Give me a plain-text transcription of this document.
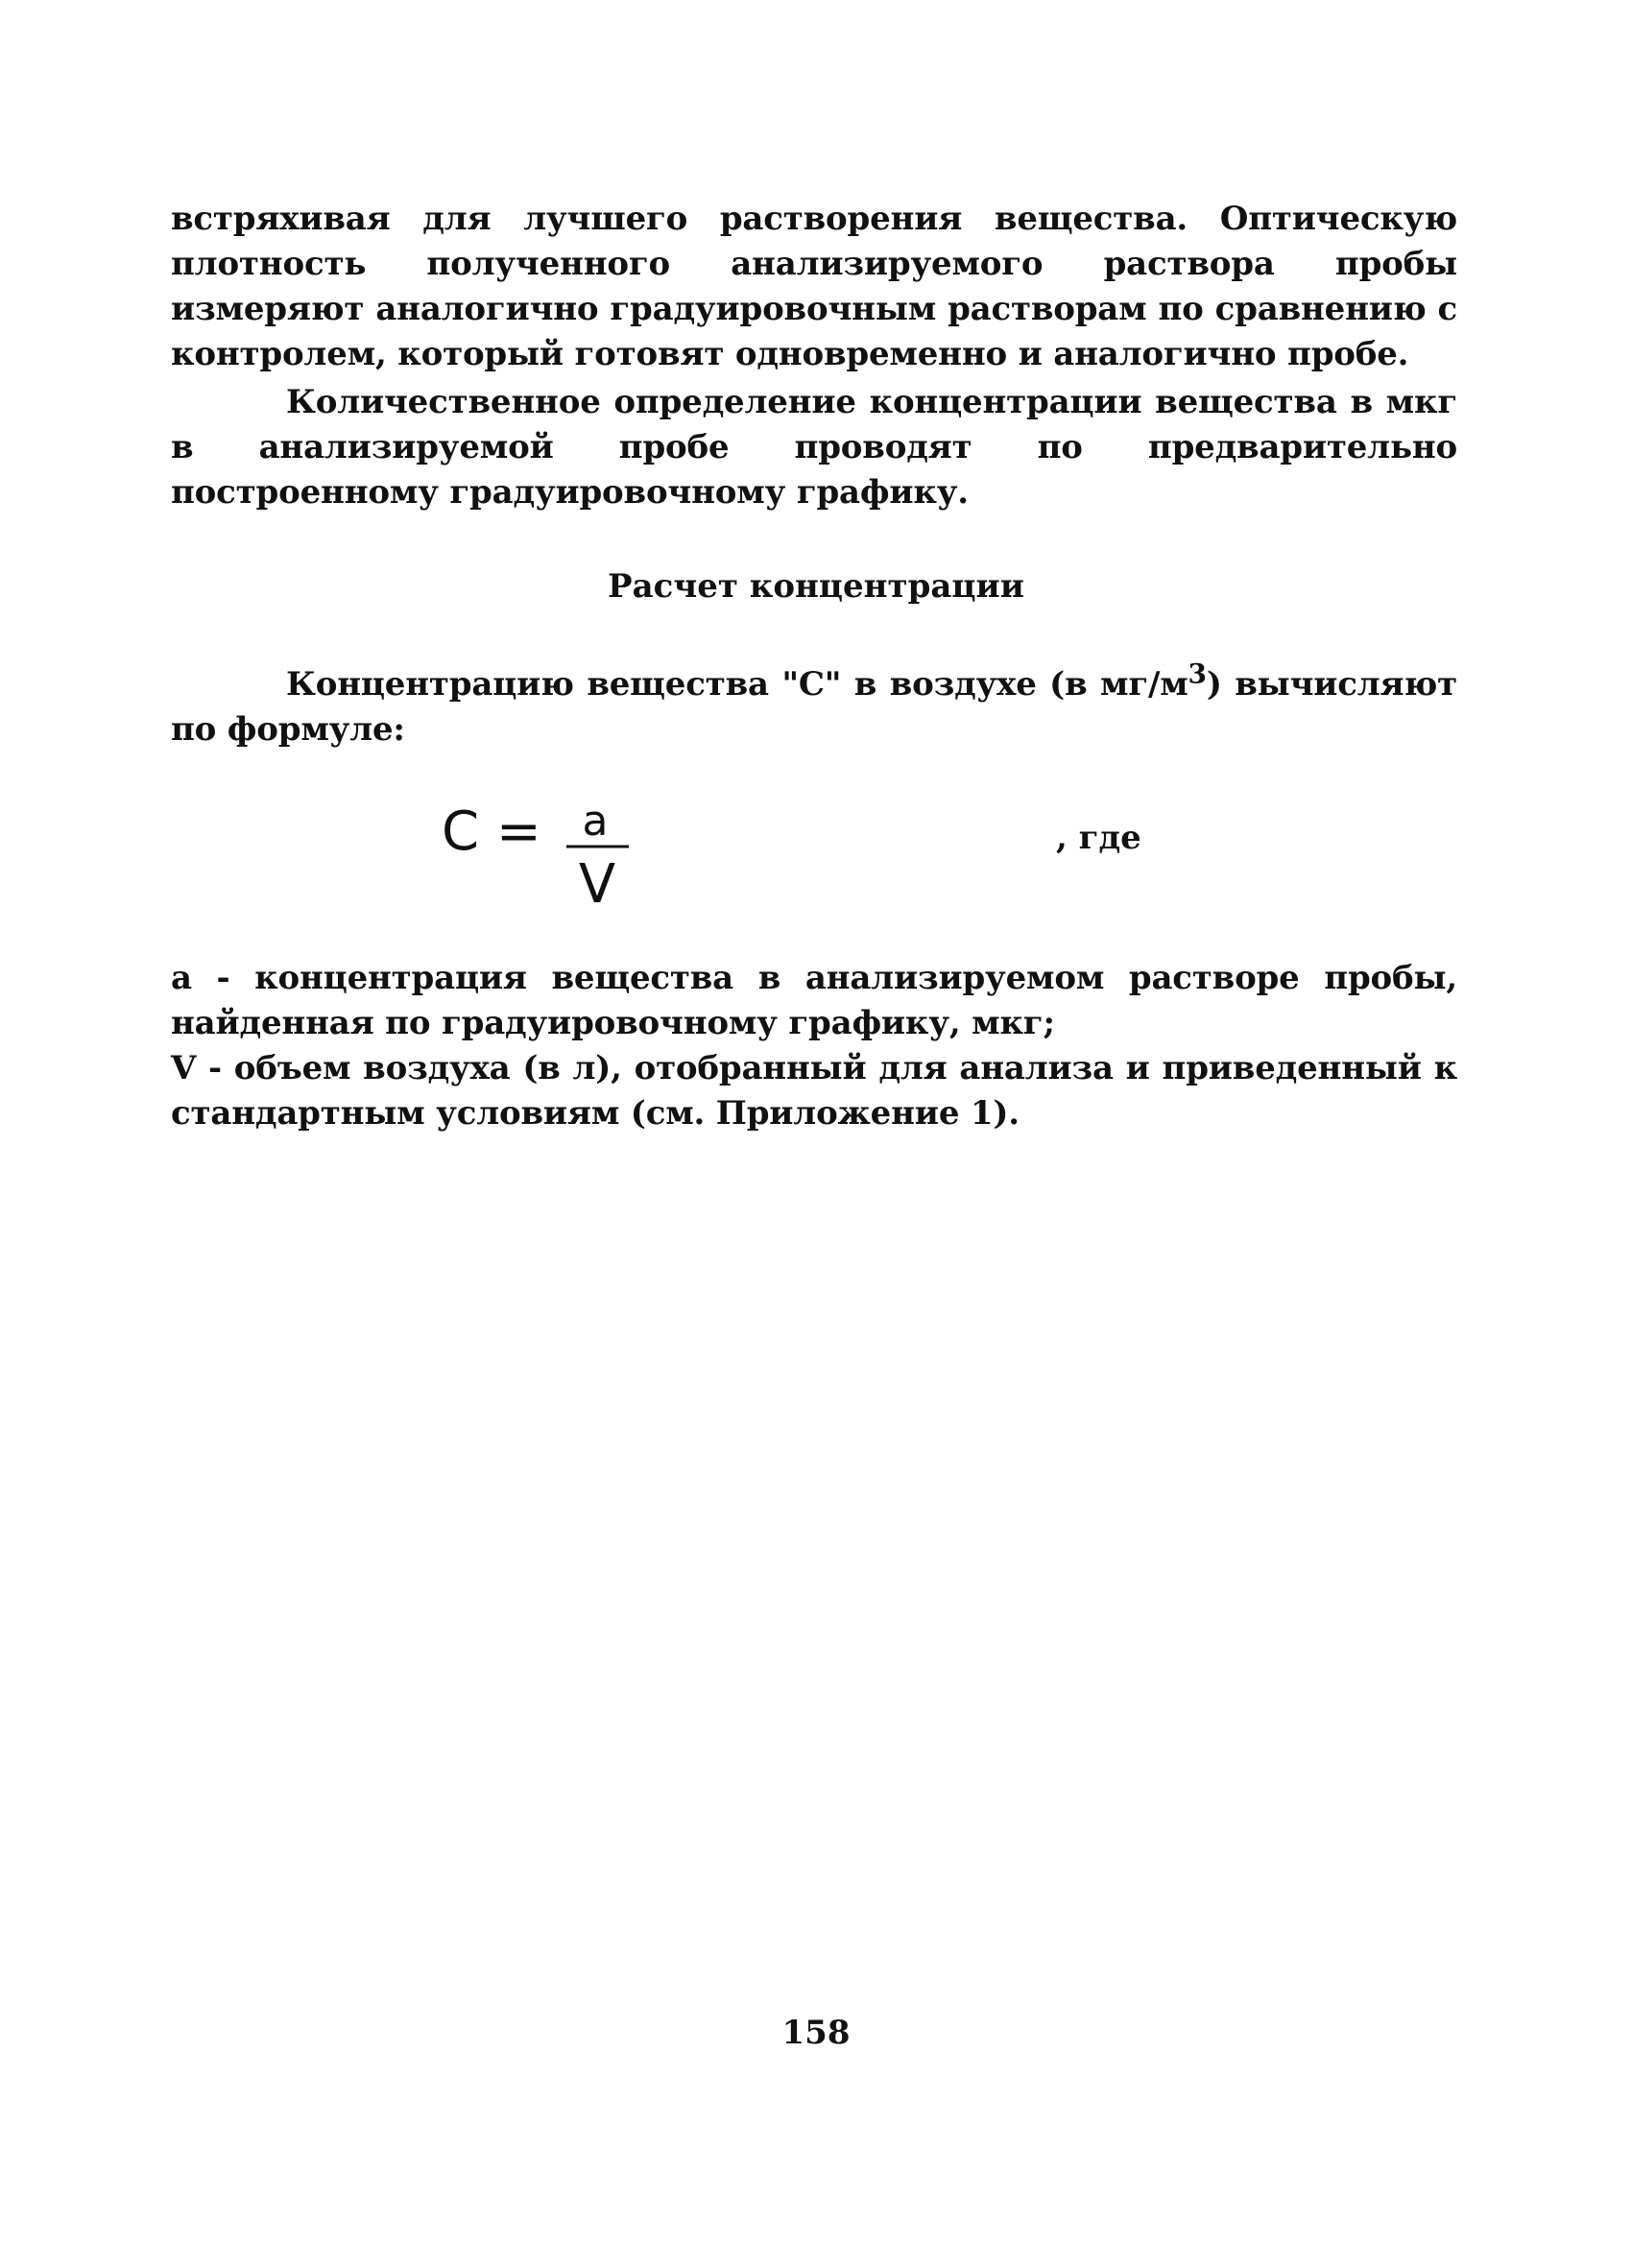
встряхивая для лучшего растворения вещества. Оптическую плотность полученного анализируемого раствора пробы измеряют аналогично градуировочным растворам по сравнению с контролем, который готовят одновременно и аналогично пробе.

Количественное определение концентрации вещества в мкг в анализируемой пробе проводят по предварительно построенному градуировочному графику.

Расчет концентрации

Концентрацию вещества "С" в воздухе (в $мг/м^3$) вычисляют по формуле:

С = a
V
, где

a - концентрация вещества в анализируемом растворе пробы, найденная по градуировочному графику, мкг;

V - объем воздуха (в л), отобранный для анализа и приведенный к стандартным условиям (см. Приложение 1).

158
